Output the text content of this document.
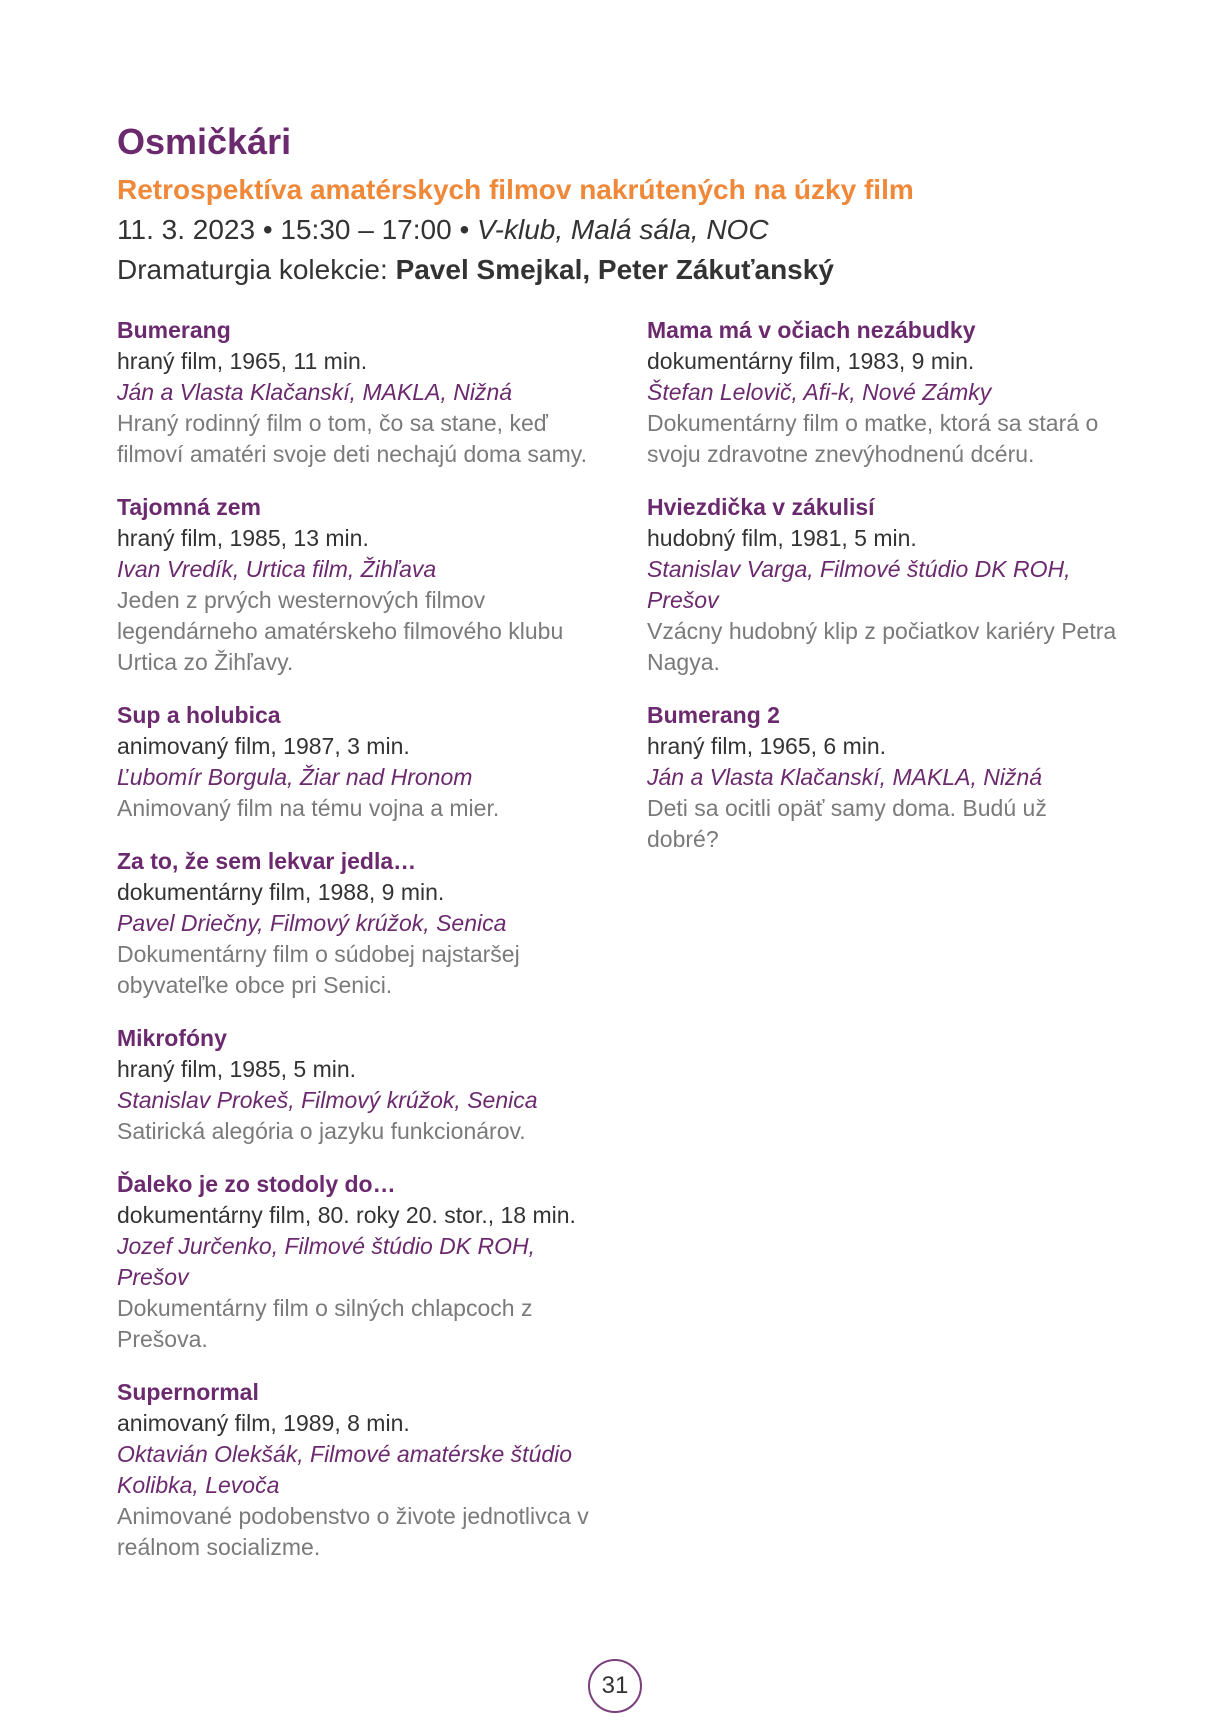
Osmičkári

Retrospektíva amatérskych filmov nakrútených na úzky film

11. 3. 2023 • 15:30 – 17:00 • V-klub, Malá sála, NOC

Dramaturgia kolekcie: Pavel Smejkal, Peter Zákuťanský

Bumerang
hraný film, 1965, 11 min.
Ján a Vlasta Klačanskí, MAKLA, Nižná
Hraný rodinný film o tom, čo sa stane, keď filmoví amatéri svoje deti nechajú doma samy.
Tajomná zem
hraný film, 1985, 13 min.
Ivan Vredík, Urtica film, Žihľava
Jeden z prvých westernových filmov legendárneho amatérskeho filmového klubu Urtica zo Žihľavy.
Sup a holubica
animovaný film, 1987, 3 min.
Ľubomír Borgula, Žiar nad Hronom
Animovaný film na tému vojna a mier.
Za to, že sem lekvar jedla…
dokumentárny film, 1988, 9 min.
Pavel Driečny, Filmový krúžok, Senica
Dokumentárny film o súdobej najstaršej obyvateľke obce pri Senici.
Mikrofóny
hraný film, 1985, 5 min.
Stanislav Prokeš, Filmový krúžok, Senica
Satirická alegória o jazyku funkcionárov.
Ďaleko je zo stodoly do…
dokumentárny film, 80. roky 20. stor., 18 min.
Jozef Jurčenko, Filmové štúdio DK ROH, Prešov
Dokumentárny film o silných chlapcoch z Prešova.
Supernormal
animovaný film, 1989, 8 min.
Oktavián Olekšák, Filmové amatérske štúdio Kolibka, Levoča
Animované podobenstvo o živote jednotlivca v reálnom socializme.
Mama má v očiach nezábudky
dokumentárny film, 1983, 9 min.
Štefan Lelovič, Afi-k, Nové Zámky
Dokumentárny film o matke, ktorá sa stará o svoju zdravotne znevýhodnenú dcéru.
Hviezdička v zákulisí
hudobný film, 1981, 5 min.
Stanislav Varga, Filmové štúdio DK ROH, Prešov
Vzácny hudobný klip z počiatkov kariéry Petra Nagya.
Bumerang 2
hraný film, 1965, 6 min.
Ján a Vlasta Klačanskí, MAKLA, Nižná
Deti sa ocitli opäť samy doma. Budú už dobré?
31
